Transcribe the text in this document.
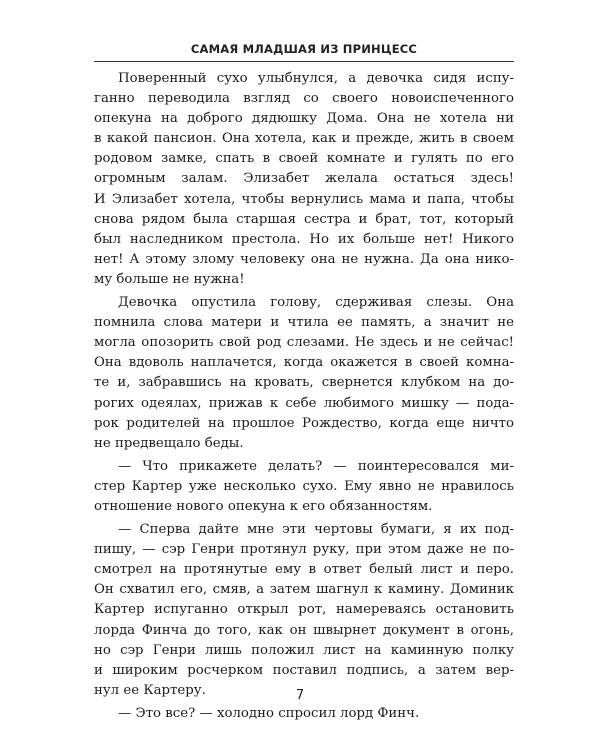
САМАЯ МЛАДШАЯ ИЗ ПРИНЦЕСС
Поверенный сухо улыбнулся, а девочка сидя испу-
ганно переводила взгляд со своего новоиспеченного
опекуна на доброго дядюшку Дома. Она не хотела ни
в какой пансион. Она хотела, как и прежде, жить в своем
родовом замке, спать в своей комнате и гулять по его
огромным залам. Элизабет желала остаться здесь!
И Элизабет хотела, чтобы вернулись мама и папа, чтобы
снова рядом была старшая сестра и брат, тот, который
был наследником престола. Но их больше нет! Никого
нет! А этому злому человеку она не нужна. Да она нико-
му больше не нужна!
Девочка опустила голову, сдерживая слезы. Она
помнила слова матери и чтила ее память, а значит не
могла опозорить свой род слезами. Не здесь и не сейчас!
Она вдоволь наплачется, когда окажется в своей комна-
те и, забравшись на кровать, свернется клубком на до-
рогих одеялах, прижав к себе любимого мишку — пода-
рок родителей на прошлое Рождество, когда еще ничто
не предвещало беды.
— Что прикажете делать? — поинтересовался ми-
стер Картер уже несколько сухо. Ему явно не нравилось
отношение нового опекуна к его обязанностям.
— Сперва дайте мне эти чертовы бумаги, я их под-
пишу, — сэр Генри протянул руку, при этом даже не по-
смотрел на протянутые ему в ответ белый лист и перо.
Он схватил его, смяв, а затем шагнул к камину. Доминик
Картер испуганно открыл рот, намереваясь остановить
лорда Финча до того, как он швырнет документ в огонь,
но сэр Генри лишь положил лист на каминную полку
и широким росчерком поставил подпись, а затем вер-
нул ее Картеру.
— Это все? — холодно спросил лорд Финч.
7
